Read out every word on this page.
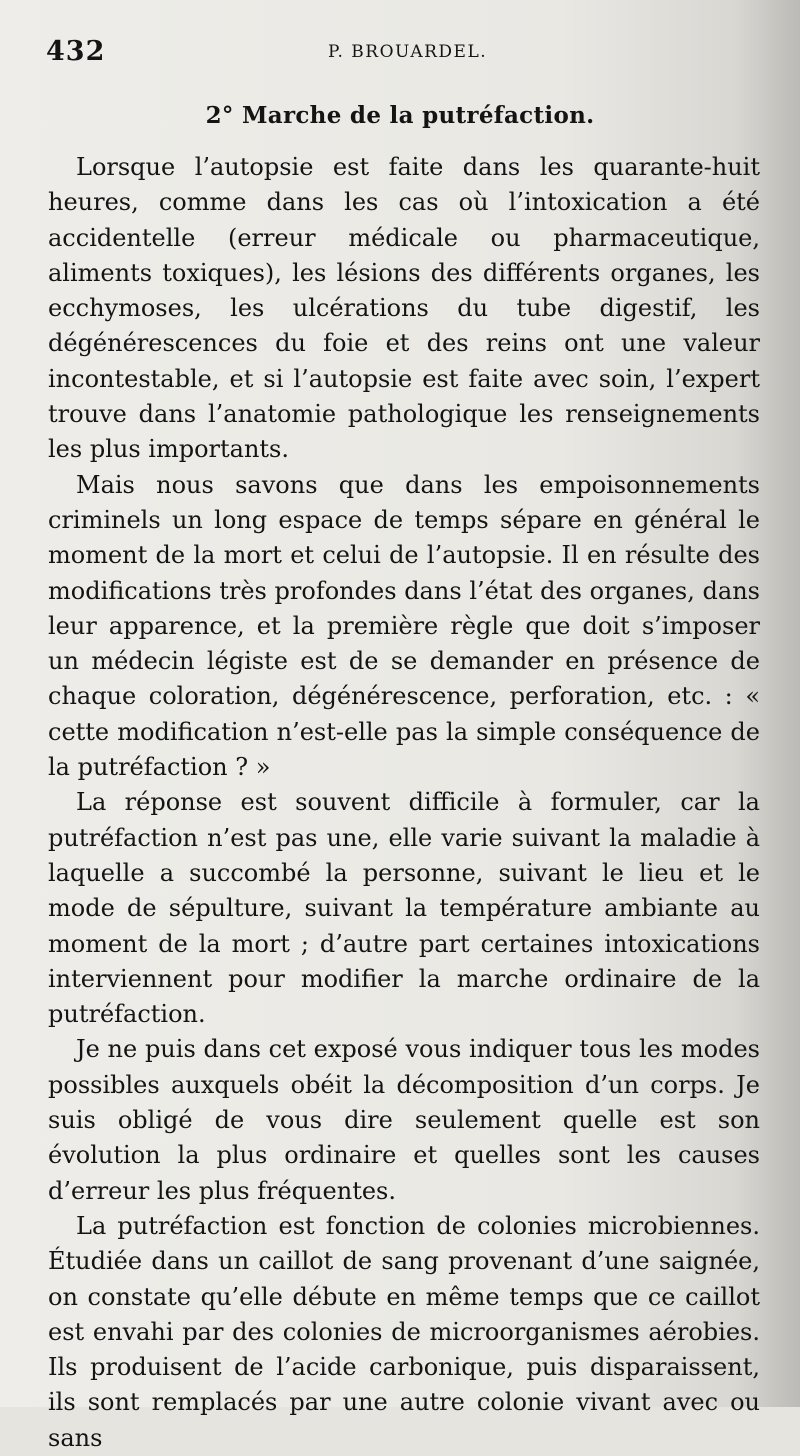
432	P. BROUARDEL.
2° Marche de la putréfaction.

Lorsque l’autopsie est faite dans les quarante-huit heures, comme dans les cas où l’intoxication a été accidentelle (erreur médicale ou pharmaceutique, aliments toxiques), les lésions des différents organes, les ecchymoses, les ulcérations du tube digestif, les dégénérescences du foie et des reins ont une valeur incontestable, et si l’autopsie est faite avec soin, l’expert trouve dans l’anatomie pathologique les renseignements les plus importants.

Mais nous savons que dans les empoisonnements criminels un long espace de temps sépare en général le moment de la mort et celui de l’autopsie. Il en résulte des modifications très profondes dans l’état des organes, dans leur apparence, et la première règle que doit s’imposer un médecin légiste est de se demander en présence de chaque coloration, dégénérescence, perforation, etc. : « cette modification n’est-elle pas la simple conséquence de la putréfaction ? »

La réponse est souvent difficile à formuler, car la putréfaction n’est pas une, elle varie suivant la maladie à laquelle a succombé la personne, suivant le lieu et le mode de sépulture, suivant la température ambiante au moment de la mort ; d’autre part certaines intoxications interviennent pour modifier la marche ordinaire de la putréfaction.

Je ne puis dans cet exposé vous indiquer tous les modes possibles auxquels obéit la décomposition d’un corps. Je suis obligé de vous dire seulement quelle est son évolution la plus ordinaire et quelles sont les causes d’erreur les plus fréquentes.

La putréfaction est fonction de colonies microbiennes. Étudiée dans un caillot de sang provenant d’une saignée, on constate qu’elle débute en même temps que ce caillot est envahi par des colonies de microorganismes aérobies. Ils produisent de l’acide carbonique, puis disparaissent, ils sont remplacés par une autre colonie vivant avec ou sans
